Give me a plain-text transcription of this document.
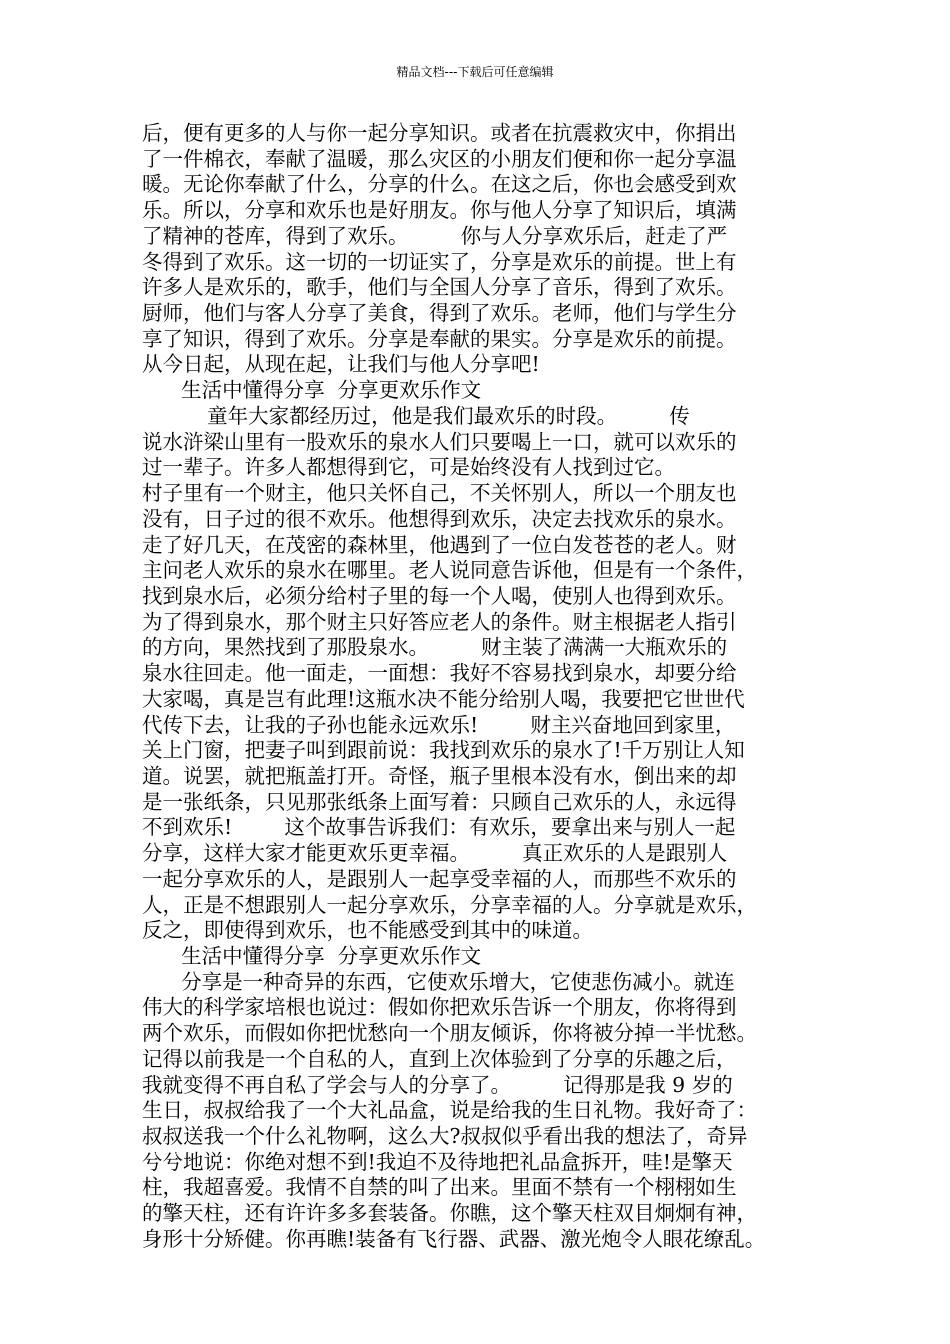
精品文档---下载后可任意编辑
后，便有更多的人与你一起分享知识。或者在抗震救灾中，你捐出
了一件棉衣，奉献了温暖，那么灾区的小朋友们便和你一起分享温
暖。无论你奉献了什么，分享的什么。在这之后，你也会感受到欢
乐。所以，分享和欢乐也是好朋友。你与他人分享了知识后，填满
了精神的苍库，得到了欢乐。        你与人分享欢乐后，赶走了严
冬得到了欢乐。这一切的一切证实了，分享是欢乐的前提。世上有
许多人是欢乐的，歌手，他们与全国人分享了音乐，得到了欢乐。
厨师，他们与客人分享了美食，得到了欢乐。老师，他们与学生分
享了知识，得到了欢乐。分享是奉献的果实。分享是欢乐的前提。
从今日起，从现在起，让我们与他人分享吧!
生活中懂得分享  分享更欢乐作文
童年大家都经历过，他是我们最欢乐的时段。        传
说水浒梁山里有一股欢乐的泉水人们只要喝上一口，就可以欢乐的
过一辈子。许多人都想得到它，可是始终没有人找到过它。
村子里有一个财主，他只关怀自己，不关怀别人，所以一个朋友也
没有，日子过的很不欢乐。他想得到欢乐，决定去找欢乐的泉水。
走了好几天，在茂密的森林里，他遇到了一位白发苍苍的老人。财
主问老人欢乐的泉水在哪里。老人说同意告诉他，但是有一个条件，
找到泉水后，必须分给村子里的每一个人喝，使别人也得到欢乐。
为了得到泉水，那个财主只好答应老人的条件。财主根据老人指引
的方向，果然找到了那股泉水。        财主装了满满一大瓶欢乐的
泉水往回走。他一面走，一面想：我好不容易找到泉水，却要分给
大家喝，真是岂有此理!这瓶水决不能分给别人喝，我要把它世世代
代传下去，让我的子孙也能永远欢乐!        财主兴奋地回到家里，
关上门窗，把妻子叫到跟前说：我找到欢乐的泉水了!千万别让人知
道。说罢，就把瓶盖打开。奇怪，瓶子里根本没有水，倒出来的却
是一张纸条，只见那张纸条上面写着：只顾自己欢乐的人，永远得
不到欢乐!        这个故事告诉我们：有欢乐，要拿出来与别人一起
分享，这样大家才能更欢乐更幸福。        真正欢乐的人是跟别人
一起分享欢乐的人，是跟别人一起享受幸福的人，而那些不欢乐的
人，正是不想跟别人一起分享欢乐，分享幸福的人。分享就是欢乐，
反之，即使得到欢乐，也不能感受到其中的味道。
生活中懂得分享  分享更欢乐作文
分享是一种奇异的东西，它使欢乐增大，它使悲伤减小。就连
伟大的科学家培根也说过：假如你把欢乐告诉一个朋友，你将得到
两个欢乐，而假如你把忧愁向一个朋友倾诉，你将被分掉一半忧愁。
记得以前我是一个自私的人，直到上次体验到了分享的乐趣之后，
我就变得不再自私了学会与人的分享了。        记得那是我 9 岁的
生日，叔叔给我了一个大礼品盒，说是给我的生日礼物。我好奇了：
叔叔送我一个什么礼物啊，这么大?叔叔似乎看出我的想法了，奇异
兮兮地说：你绝对想不到!我迫不及待地把礼品盒拆开，哇!是擎天
柱，我超喜爱。我情不自禁的叫了出来。里面不禁有一个栩栩如生
的擎天柱，还有许许多多套装备。你瞧，这个擎天柱双目炯炯有神，
身形十分矫健。你再瞧!装备有飞行器、武器、激光炮令人眼花缭乱。
